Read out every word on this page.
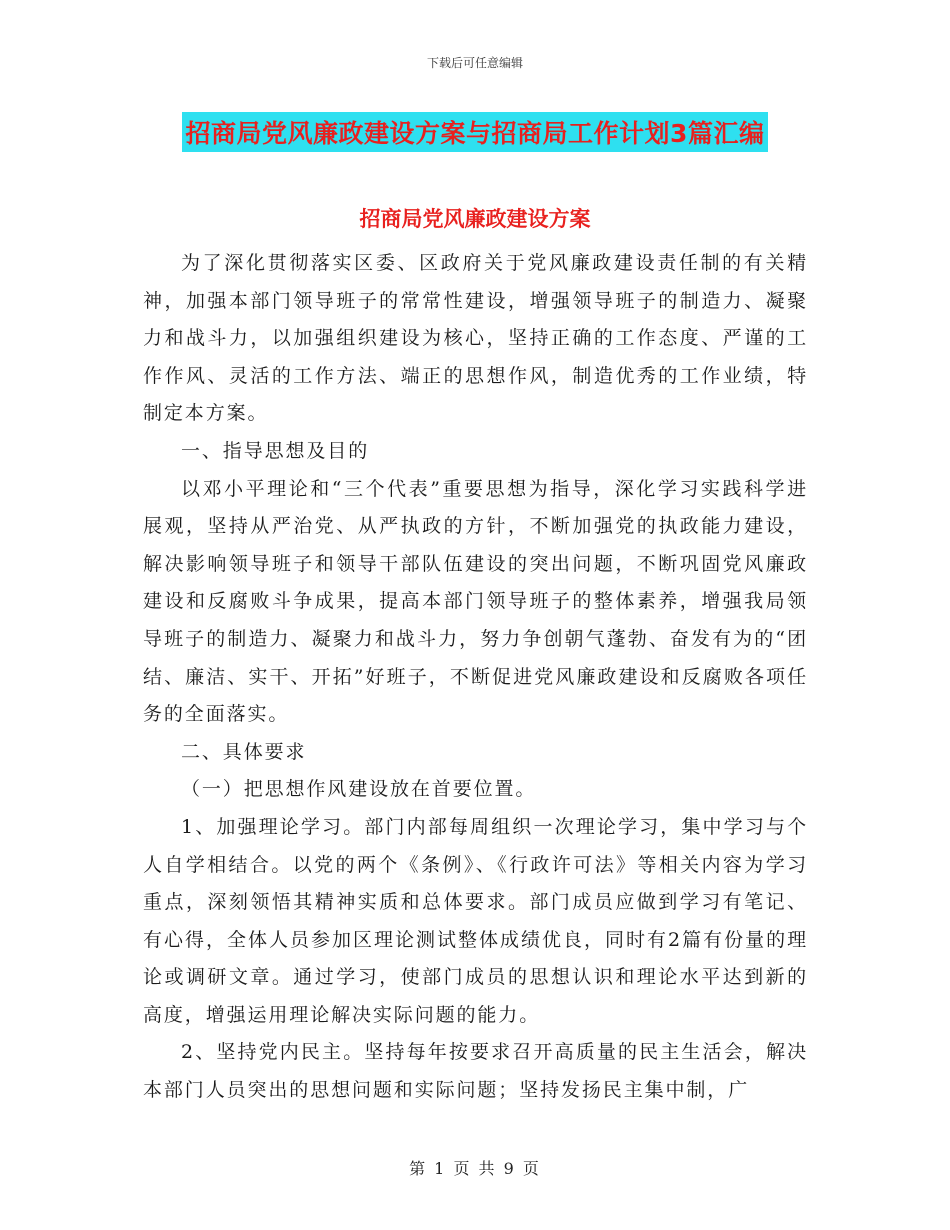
下载后可任意编辑
招商局党风廉政建设方案与招商局工作计划3篇汇编
招商局党风廉政建设方案

为了深化贯彻落实区委、区政府关于党风廉政建设责任制的有关精神，加强本部门领导班子的常常性建设，增强领导班子的制造力、凝聚力和战斗力，以加强组织建设为核心，坚持正确的工作态度、严谨的工作作风、灵活的工作方法、端正的思想作风，制造优秀的工作业绩，特制定本方案。

一、指导思想及目的

以邓小平理论和“三个代表”重要思想为指导，深化学习实践科学进展观，坚持从严治党、从严执政的方针，不断加强党的执政能力建设，解决影响领导班子和领导干部队伍建设的突出问题，不断巩固党风廉政建设和反腐败斗争成果，提高本部门领导班子的整体素养，增强我局领导班子的制造力、凝聚力和战斗力，努力争创朝气蓬勃、奋发有为的“团结、廉洁、实干、开拓”好班子，不断促进党风廉政建设和反腐败各项任务的全面落实。

二、具体要求

（一）把思想作风建设放在首要位置。

1、加强理论学习。部门内部每周组织一次理论学习，集中学习与个人自学相结合。以党的两个《条例》、《行政许可法》等相关内容为学习重点，深刻领悟其精神实质和总体要求。部门成员应做到学习有笔记、有心得，全体人员参加区理论测试整体成绩优良，同时有2篇有份量的理论或调研文章。通过学习，使部门成员的思想认识和理论水平达到新的高度，增强运用理论解决实际问题的能力。

2、坚持党内民主。坚持每年按要求召开高质量的民主生活会，解决本部门人员突出的思想问题和实际问题；坚持发扬民主集中制，广

第 1 页 共 9 页
